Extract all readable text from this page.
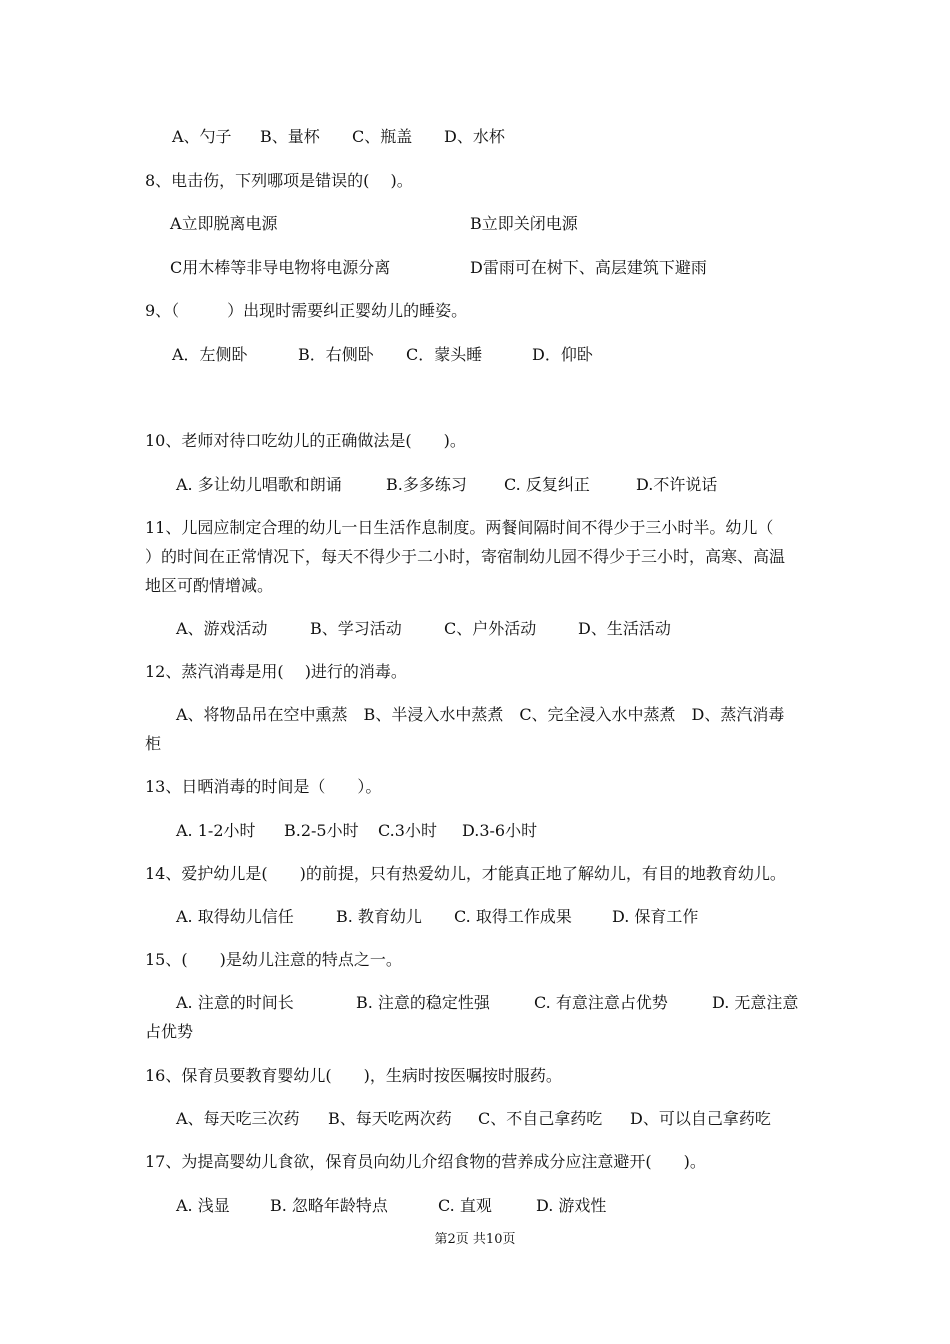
A、勺子 B、量杯 C、瓶盖 D、水杯
8、电击伤，下列哪项是错误的(　 )。
A立即脱离电源	B立即关闭电源
C用木棒等非导电物将电源分离	D雷雨可在树下、高层建筑下避雨
9、（　　　）出现时需要纠正婴幼儿的睡姿。
A．左侧卧	B．右侧卧 C．蒙头睡	D．仰卧
10、老师对待口吃幼儿的正确做法是(　　)。
A. 多让幼儿唱歌和朗诵	B.多多练习 C. 反复纠正	D.不许说话
11、儿园应制定合理的幼儿一日生活作息制度。两餐间隔时间不得少于三小时半。幼儿（
）的时间在正常情况下，每天不得少于二小时，寄宿制幼儿园不得少于三小时，高寒、高温
地区可酌情增减。
A、游戏活动	B、学习活动	C、户外活动	D、生活活动
12、蒸汽消毒是用(　 )进行的消毒。
A、将物品吊在空中熏蒸　B、半浸入水中蒸煮　C、完全浸入水中蒸煮　D、蒸汽消毒
柜
13、日晒消毒的时间是（　　）。
A. 1-2小时 B.2-5小时 C.3小时 D.3-6小时
14、爱护幼儿是(　　)的前提，只有热爱幼儿，才能真正地了解幼儿，有目的地教育幼儿。
A. 取得幼儿信任	B. 教育幼儿 C. 取得工作成果	D. 保育工作
15、(　　)是幼儿注意的特点之一。
A. 注意的时间长	B. 注意的稳定性强	C. 有意注意占优势	D. 无意注意
占优势
16、保育员要教育婴幼儿(　　)，生病时按医嘱按时服药。
A、每天吃三次药 B、每天吃两次药 C、不自己拿药吃 D、可以自己拿药吃
17、为提高婴幼儿食欲，保育员向幼儿介绍食物的营养成分应注意避开(　　)。
A. 浅显	B. 忽略年龄特点	C. 直观	D. 游戏性
第2页 共10页
